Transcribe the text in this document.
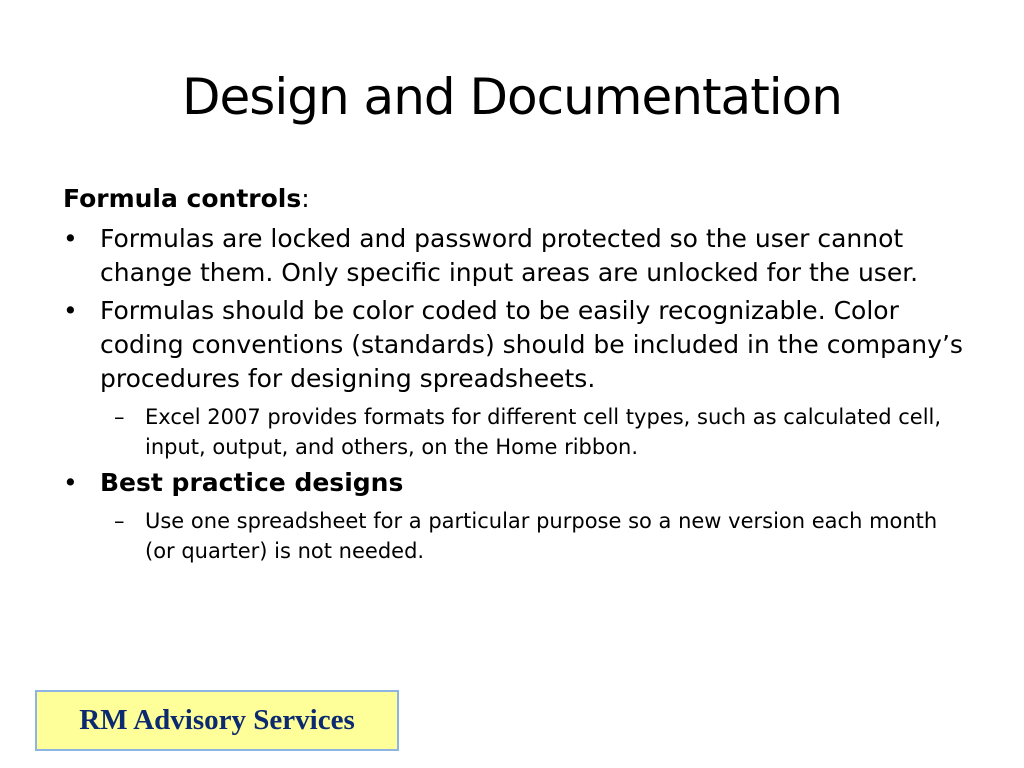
Design and Documentation

Formula controls:

• Formulas are locked and password protected so the user cannot change them. Only specific input areas are unlocked for the user.
• Formulas should be color coded to be easily recognizable. Color coding conventions (standards) should be included in the company’s procedures for designing spreadsheets.
– Excel 2007 provides formats for different cell types, such as calculated cell, input, output, and others, on the Home ribbon.
• Best practice designs
– Use one spreadsheet for a particular purpose so a new version each month (or quarter) is not needed.
RM Advisory Services
